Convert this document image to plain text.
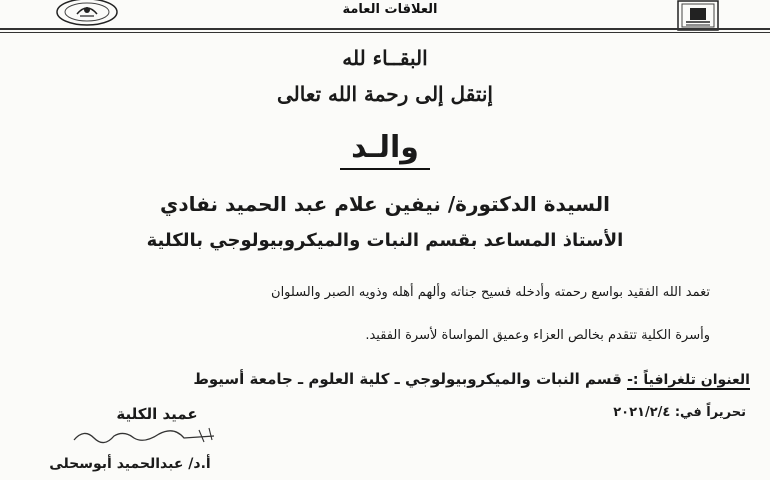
العلاقات العامة
البقــاء لله
إنتقل إلى رحمة الله تعالى
والـد
السيدة الدكتورة/ نيفين علام عبد الحميد نفادي
الأستاذ المساعد بقسم النبات والميكروبيولوجي بالكلية
تغمد الله الفقيد بواسع رحمته وأدخله فسيح جناته وألهم أهله وذويه الصبر والسلوان
وأسرة الكلية تتقدم بخالص العزاء وعميق المواساة لأسرة الفقيد.
العنوان تلغرافياً :- قسم النبات والميكروبيولوجي ـ كلية العلوم ـ جامعة أسيوط
تحريراً في: ٢٠٢١/٢/٤
عميد الكلية
أ.د/ عبدالحميد أبوسحلى
